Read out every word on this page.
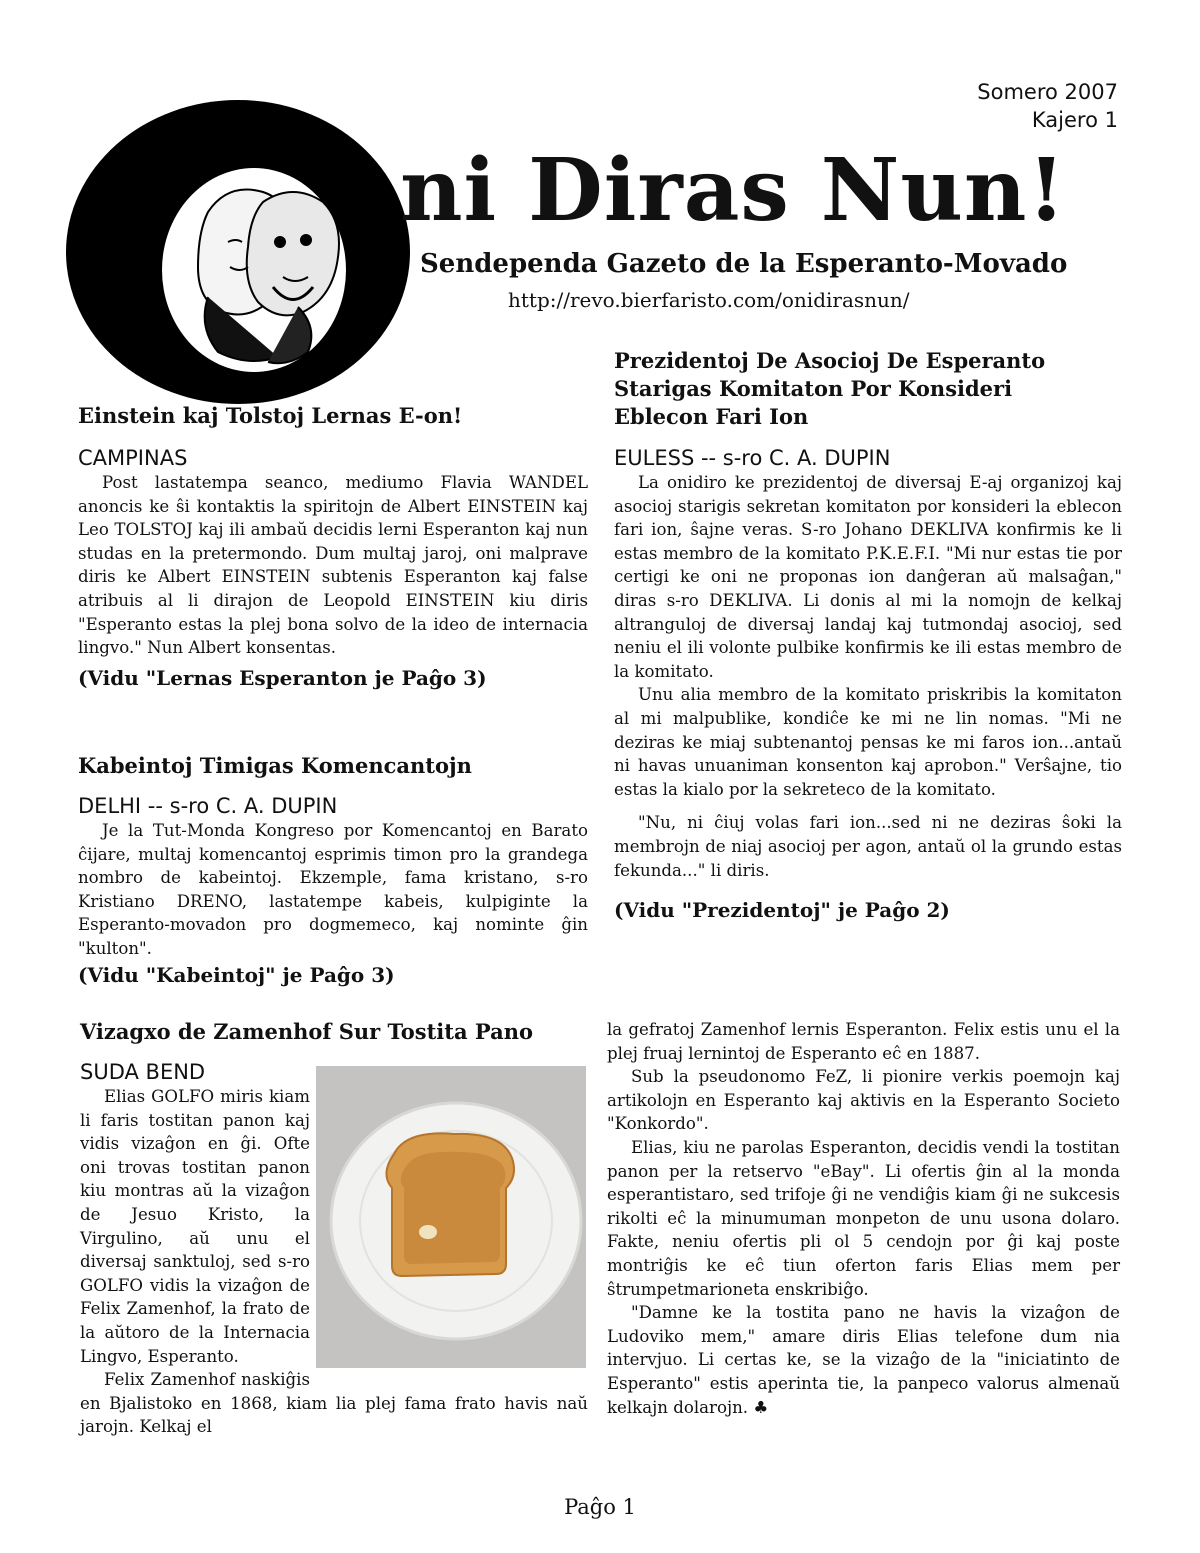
Somero 2007
Kajero 1
ni Diras Nun!
Sendependa Gazeto de la Esperanto-Movado
http://revo.bierfaristo.com/onidirasnun/
Einstein kaj Tolstoj Lernas E-on!
CAMPINAS

Post lastatempa seanco, mediumo Flavia WANDEL anoncis ke ŝi kontaktis la spiritojn de Albert EINSTEIN kaj Leo TOLSTOJ kaj ili ambaŭ decidis lerni Esperanton kaj nun studas en la pretermondo. Dum multaj jaroj, oni malprave diris ke Albert EINSTEIN subtenis Esperanton kaj false atribuis al li dirajon de Leopold EINSTEIN kiu diris "Esperanto estas la plej bona solvo de la ideo de internacia lingvo." Nun Albert konsentas.

(Vidu "Lernas Esperanton je Paĝo 3)
Kabeintoj Timigas Komencantojn
DELHI -- s-ro C. A. DUPIN

Je la Tut-Monda Kongreso por Komencantoj en Barato ĉijare, multaj komencantoj esprimis timon pro la grandega nombro de kabeintoj. Ekzemple, fama kristano, s-ro Kristiano DRENO, lastatempe kabeis, kulpiginte la Esperanto-movadon pro dogmemeco, kaj nominte ĝin "kulton".

(Vidu "Kabeintoj" je Paĝo 3)
Prezidentoj De Asocioj De Esperanto Starigas Komitaton Por Konsideri Eblecon Fari Ion
EULESS -- s-ro C. A. DUPIN

La onidiro ke prezidentoj de diversaj E-aj organizoj kaj asocioj starigis sekretan komitaton por konsideri la eblecon fari ion, ŝajne veras. S-ro Johano DEKLIVA konfirmis ke li estas membro de la komitato P.K.E.F.I. "Mi nur estas tie por certigi ke oni ne proponas ion danĝeran aŭ malsaĝan," diras s-ro DEKLIVA. Li donis al mi la nomojn de kelkaj altranguloj de diversaj landaj kaj tutmondaj asocioj, sed neniu el ili volonte pulbike konfirmis ke ili estas membro de la komitato.

Unu alia membro de la komitato priskribis la komitaton al mi malpublike, kondiĉe ke mi ne lin nomas. "Mi ne deziras ke miaj subtenantoj pensas ke mi faros ion...antaŭ ni havas unuaniman konsenton kaj aprobon." Verŝajne, tio estas la kialo por la sekreteco de la komitato.

"Nu, ni ĉiuj volas fari ion...sed ni ne deziras ŝoki la membrojn de niaj asocioj per agon, antaŭ ol la grundo estas fekunda..." li diris.

(Vidu "Prezidentoj" je Paĝo 2)
Vizagxo de Zamenhof Sur Tostita Pano
SUDA BEND

Elias GOLFO miris kiam li faris tostitan panon kaj vidis vizaĝon en ĝi. Ofte oni trovas tostitan panon kiu montras aŭ la vizaĝon de Jesuo Kristo, la Virgulino, aŭ unu el diversaj sanktuloj, sed s-ro GOLFO vidis la vizaĝon de Felix Zamenhof, la frato de la aŭtoro de la Internacia Lingvo, Esperanto.

Felix Zamenhof naskiĝis en Bjalistoko en 1868, kiam lia plej fama frato havis naŭ jarojn. Kelkaj el

la gefratoj Zamenhof lernis Esperanton. Felix estis unu el la plej fruaj lernintoj de Esperanto eĉ en 1887.

Sub la pseudonomo FeZ, li pionire verkis poemojn kaj artikolojn en Esperanto kaj aktivis en la Esperanto Societo "Konkordo".

Elias, kiu ne parolas Esperanton, decidis vendi la tostitan panon per la retservo "eBay". Li ofertis ĝin al la monda esperantistaro, sed trifoje ĝi ne vendiĝis kiam ĝi ne sukcesis rikolti eĉ la minumuman monpeton de unu usona dolaro. Fakte, neniu ofertis pli ol 5 cendojn por ĝi kaj poste montriĝis ke eĉ tiun oferton faris Elias mem per ŝtrumpetmarioneta enskribiĝo.

"Damne ke la tostita pano ne havis la vizaĝon de Ludoviko mem," amare diris Elias telefone dum nia intervjuo. Li certas ke, se la vizaĝo de la "iniciatinto de Esperanto" estis aperinta tie, la panpeco valorus almenaŭ kelkajn dolarojn. ♣

Paĝo 1
